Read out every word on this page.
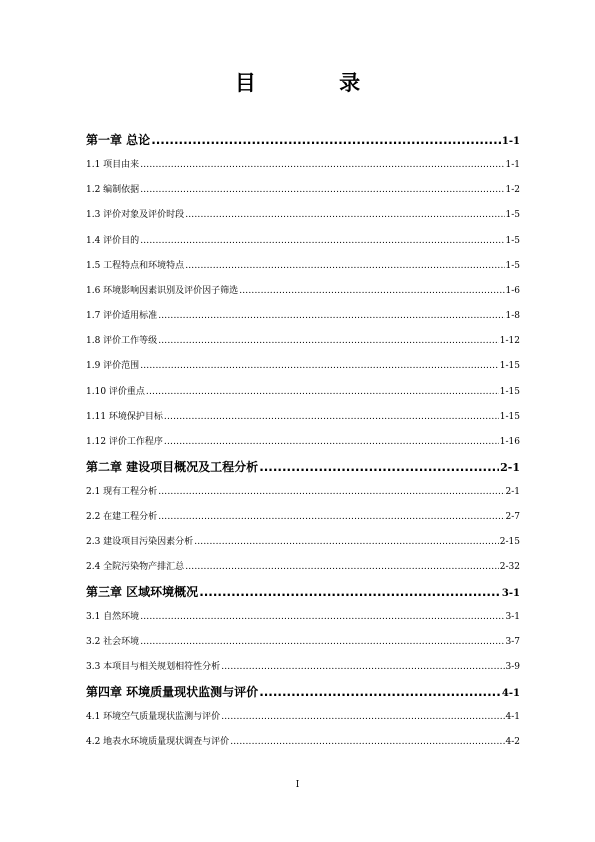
目 录
第一章 总论 .....	1-1
1.1 项目由来 .....	1-1
1.2 编制依据 .....	1-2
1.3 评价对象及评价时段 .....	1-5
1.4 评价目的 .....	1-5
1.5 工程特点和环境特点 .....	1-5
1.6 环境影响因素识别及评价因子筛选 .....	1-6
1.7 评价适用标准 .....	1-8
1.8 评价工作等级 .....	1-12
1.9 评价范围 .....	1-15
1.10 评价重点 .....	1-15
1.11 环境保护目标 .....	1-15
1.12 评价工作程序 .....	1-16
第二章 建设项目概况及工程分析 .....	2-1
2.1 现有工程分析 .....	2-1
2.2 在建工程分析 .....	2-7
2.3 建设项目污染因素分析 .....	2-15
2.4 全院污染物产排汇总 .....	2-32
第三章 区域环境概况 .....	3-1
3.1 自然环境 .....	3-1
3.2 社会环境 .....	3-7
3.3 本项目与相关规划相符性分析 .....	3-9
第四章 环境质量现状监测与评价 .....	4-1
4.1 环境空气质量现状监测与评价 .....	4-1
4.2 地表水环境质量现状调查与评价 .....	4-2
I
